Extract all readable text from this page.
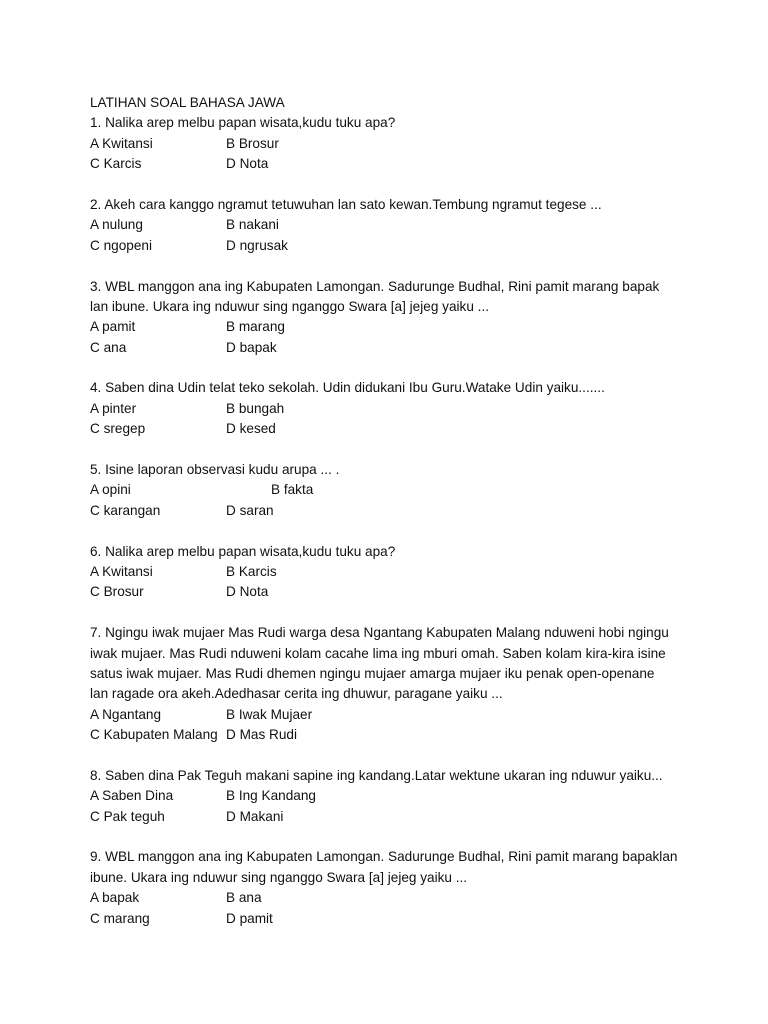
LATIHAN SOAL BAHASA JAWA
1. Nalika arep melbu papan wisata,kudu tuku apa?
A Kwitansi	B Brosur
C Karcis	D Nota
2. Akeh cara kanggo ngramut tetuwuhan lan sato kewan.Tembung ngramut tegese ...
A nulung	B nakani
C ngopeni	D ngrusak
3. WBL manggon ana ing Kabupaten Lamongan. Sadurunge Budhal, Rini pamit marang bapak
lan ibune. Ukara ing nduwur sing nganggo Swara [a] jejeg yaiku ...
A pamit	B marang
C ana	D bapak
4. Saben dina Udin telat teko sekolah. Udin didukani Ibu Guru.Watake Udin yaiku.......
A pinter	B bungah
C sregep	D kesed
5. Isine laporan observasi kudu arupa ... .
A opini	B fakta
C karangan	D saran
6. Nalika arep melbu papan wisata,kudu tuku apa?
A Kwitansi	B Karcis
C Brosur	D Nota
7. Ngingu iwak mujaer Mas Rudi warga desa Ngantang Kabupaten Malang nduweni hobi ngingu
iwak mujaer. Mas Rudi nduweni kolam cacahe lima ing mburi omah. Saben kolam kira-kira isine
satus iwak mujaer. Mas Rudi dhemen ngingu mujaer amarga mujaer iku penak open-openane
lan ragade ora akeh.Adedhasar cerita ing dhuwur, paragane yaiku ...
A Ngantang	B Iwak Mujaer
C Kabupaten Malang D Mas Rudi
8. Saben dina Pak Teguh makani sapine ing kandang.Latar wektune ukaran ing nduwur yaiku...
A Saben Dina	B Ing Kandang
C Pak teguh	D Makani
9. WBL manggon ana ing Kabupaten Lamongan. Sadurunge Budhal, Rini pamit marang bapaklan
ibune. Ukara ing nduwur sing nganggo Swara [a] jejeg yaiku ...
A bapak	B ana
C marang	D pamit
